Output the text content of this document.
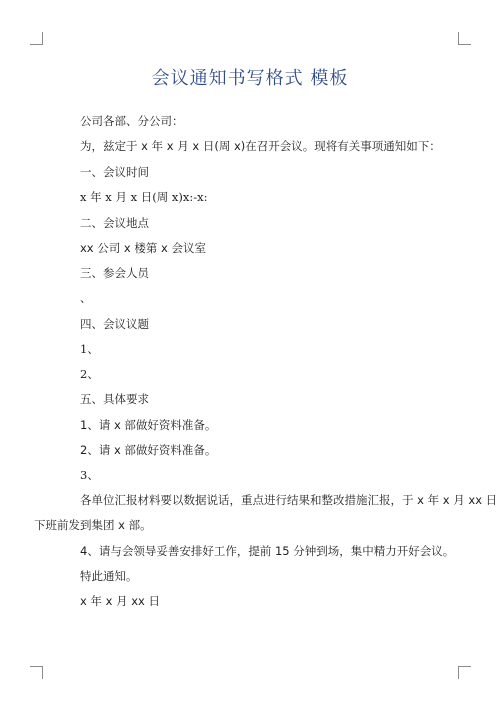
会议通知书写格式 模板
公司各部、分公司：
为，兹定于 x 年 x 月 x 日(周 x)在召开会议。现将有关事项通知如下：
一、会议时间
x 年 x 月 x 日(周 x)x:-x:
二、会议地点
xx 公司 x 楼第 x 会议室
三、参会人员
、
四、会议议题
1、
2、
五、具体要求
1、请 x 部做好资料准备。
2、请 x 部做好资料准备。
3、
各单位汇报材料要以数据说话，重点进行结果和整改措施汇报，于 x 年 x 月 xx 日
下班前发到集团 x 部。
4、请与会领导妥善安排好工作，提前 15 分钟到场，集中精力开好会议。
特此通知。
x 年 x 月 xx 日
